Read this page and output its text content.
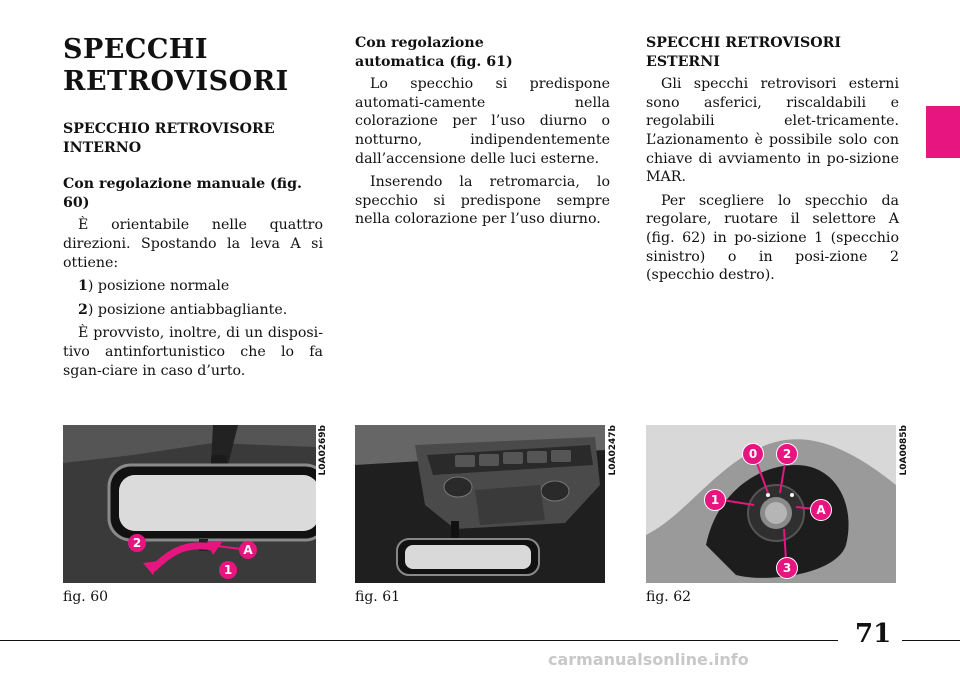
SPECCHI RETROVISORI
SPECCHIO RETROVISORE INTERNO
Con regolazione manuale (fig. 60)

È orientabile nelle quattro direzioni. Spostando la leva A si ottiene:

1) posizione normale

2) posizione antiabbagliante.

È provvisto, inoltre, di un disposi-tivo antinfortunistico che lo fa sgan-ciare in caso d’urto.

Con regolazione automatica (fig. 61)

Lo specchio si predispone automati-camente nella colorazione per l’uso diurno o notturno, indipendentemente dall’accensione delle luci esterne.

Inserendo la retromarcia, lo specchio si predispone sempre nella colorazione per l’uso diurno.

SPECCHI RETROVISORI ESTERNI

Gli specchi retrovisori esterni sono asferici, riscaldabili e regolabili elet-tricamente. L’azionamento è possibile solo con chiave di avviamento in po-sizione MAR.

Per scegliere lo specchio da regolare, ruotare il selettore A (fig. 62) in po-sizione 1 (specchio sinistro) o in posi-zione 2 (specchio destro).

2	A
1
L0A0269b
fig. 60
L0A0247b
fig. 61
0	2
1
A
3
L0A0085b
fig. 62
71
carmanualsonline.info
